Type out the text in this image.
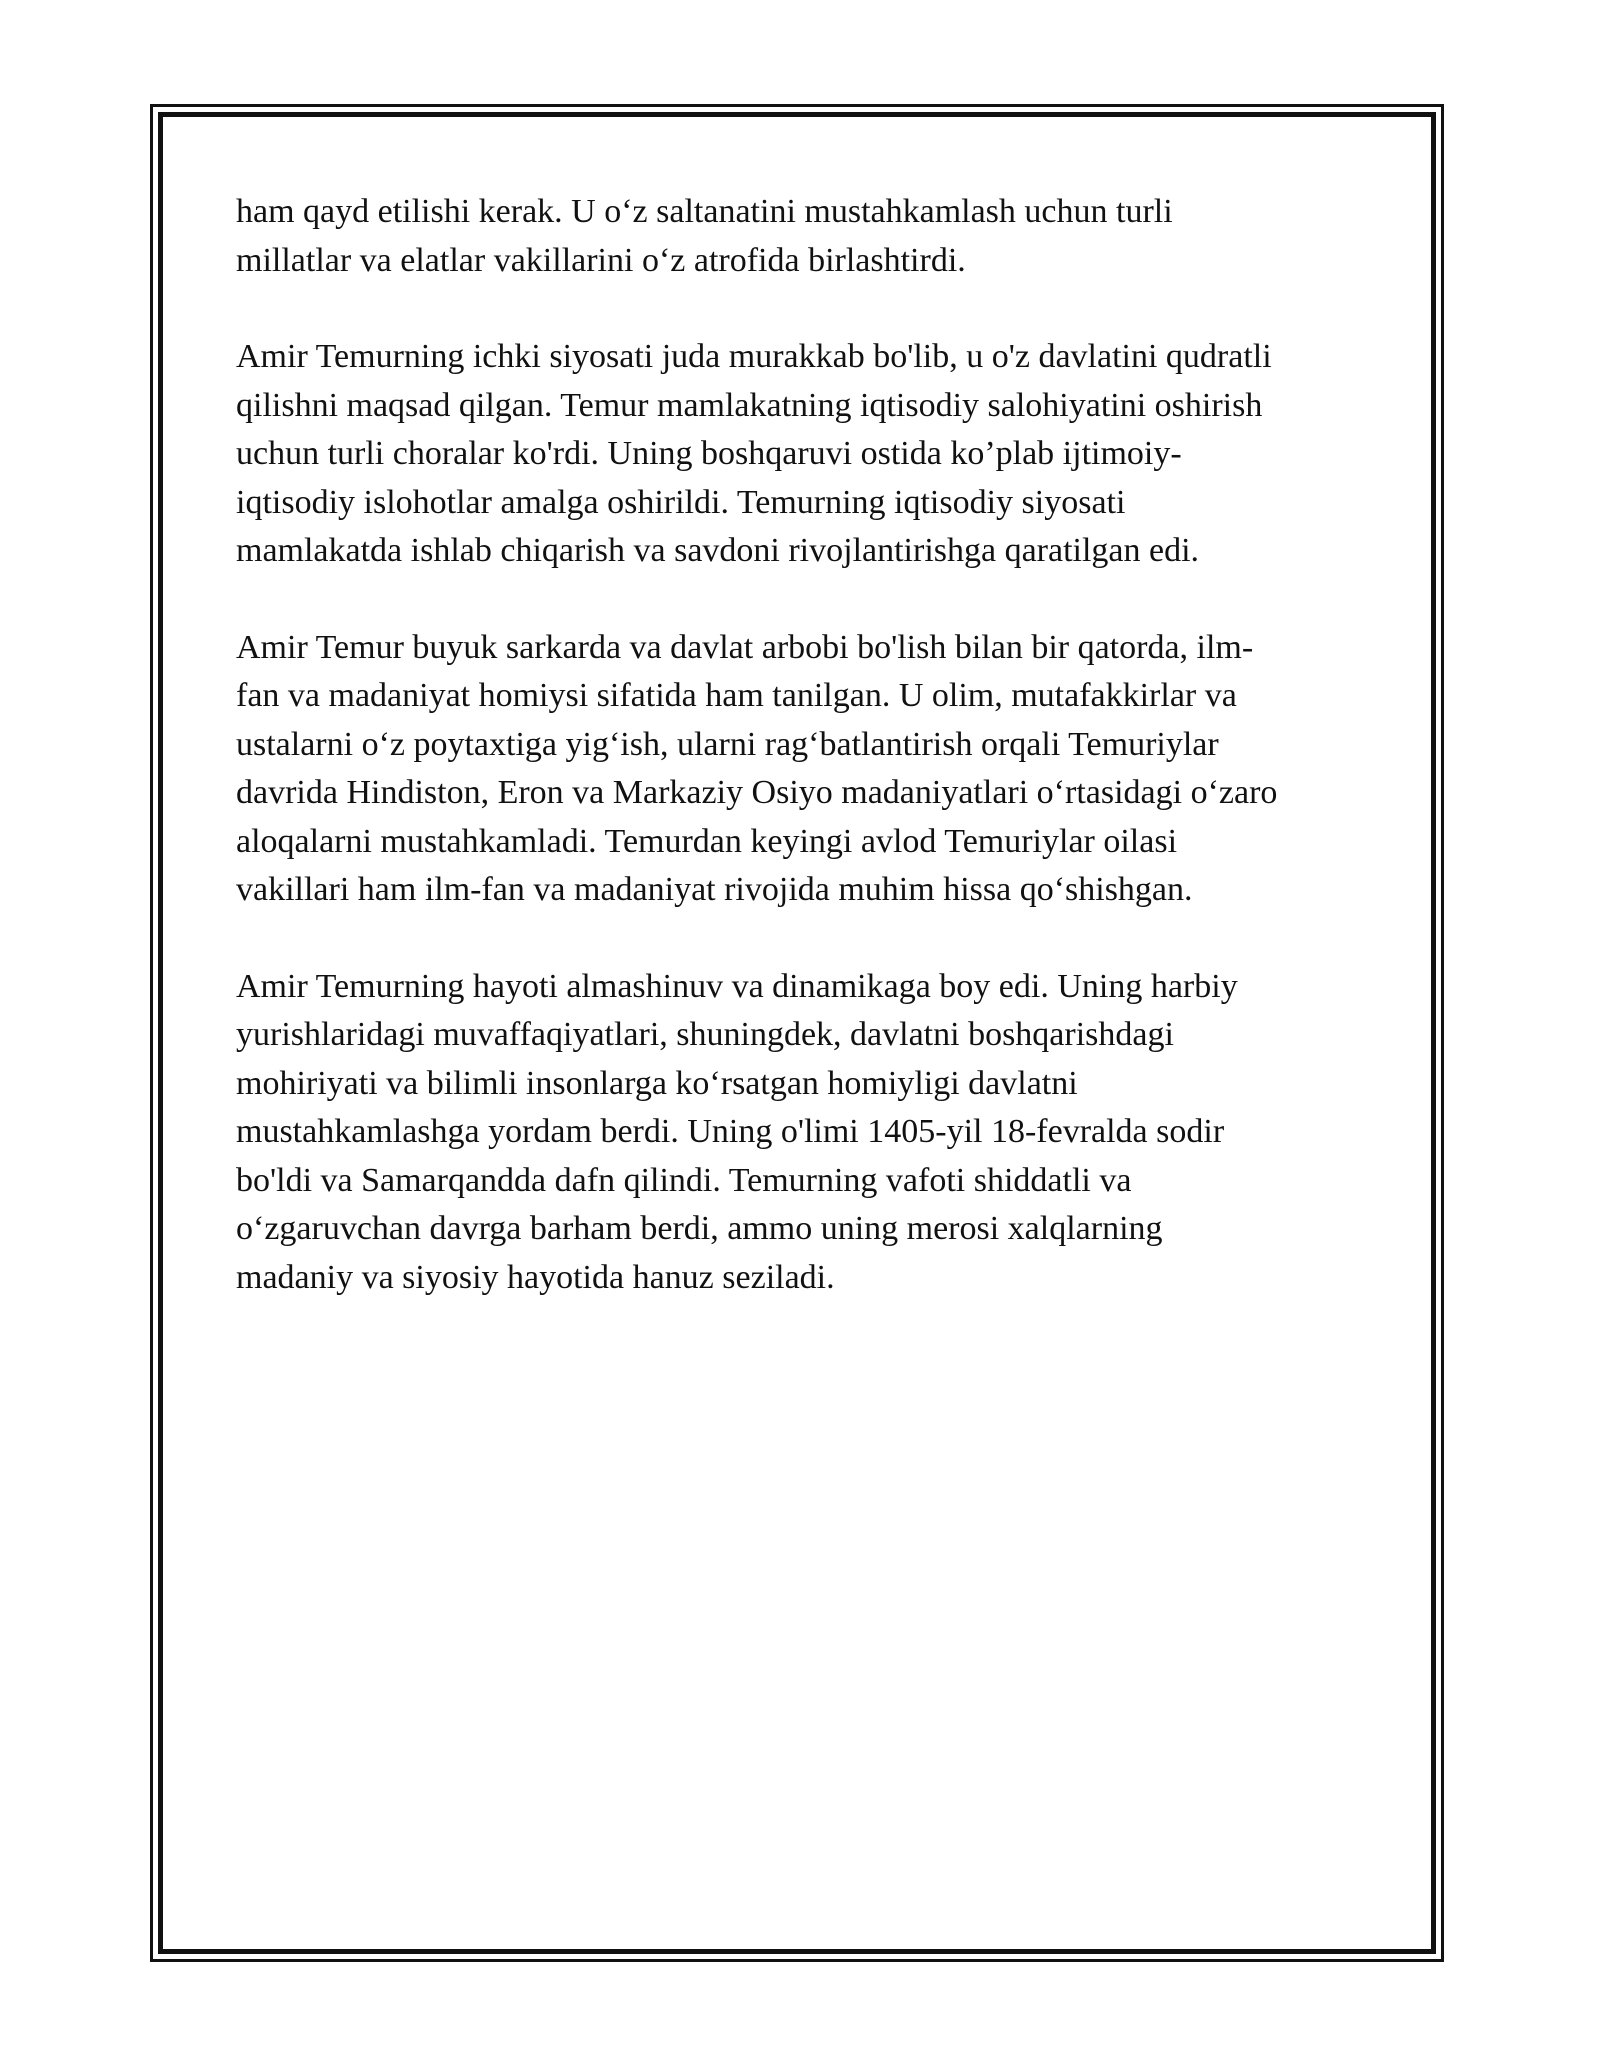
ham qayd etilishi kerak. U o‘z saltanatini mustahkamlash uchun turli
millatlar va elatlar vakillarini o‘z atrofida birlashtirdi.

Amir Temurning ichki siyosati juda murakkab bo'lib, u o'z davlatini qudratli
qilishni maqsad qilgan. Temur mamlakatning iqtisodiy salohiyatini oshirish
uchun turli choralar ko'rdi. Uning boshqaruvi ostida ko’plab ijtimoiy-
iqtisodiy islohotlar amalga oshirildi. Temurning iqtisodiy siyosati
mamlakatda ishlab chiqarish va savdoni rivojlantirishga qaratilgan edi.

Amir Temur buyuk sarkarda va davlat arbobi bo'lish bilan bir qatorda, ilm-
fan va madaniyat homiysi sifatida ham tanilgan. U olim, mutafakkirlar va
ustalarni o‘z poytaxtiga yig‘ish, ularni rag‘batlantirish orqali Temuriylar
davrida Hindiston, Eron va Markaziy Osiyo madaniyatlari o‘rtasidagi o‘zaro
aloqalarni mustahkamladi. Temurdan keyingi avlod Temuriylar oilasi
vakillari ham ilm-fan va madaniyat rivojida muhim hissa qo‘shishgan.

Amir Temurning hayoti almashinuv va dinamikaga boy edi. Uning harbiy
yurishlaridagi muvaffaqiyatlari, shuningdek, davlatni boshqarishdagi
mohiriyati va bilimli insonlarga ko‘rsatgan homiyligi davlatni
mustahkamlashga yordam berdi. Uning o'limi 1405-yil 18-fevralda sodir
bo'ldi va Samarqandda dafn qilindi. Temurning vafoti shiddatli va
o‘zgaruvchan davrga barham berdi, ammo uning merosi xalqlarning
madaniy va siyosiy hayotida hanuz seziladi.
